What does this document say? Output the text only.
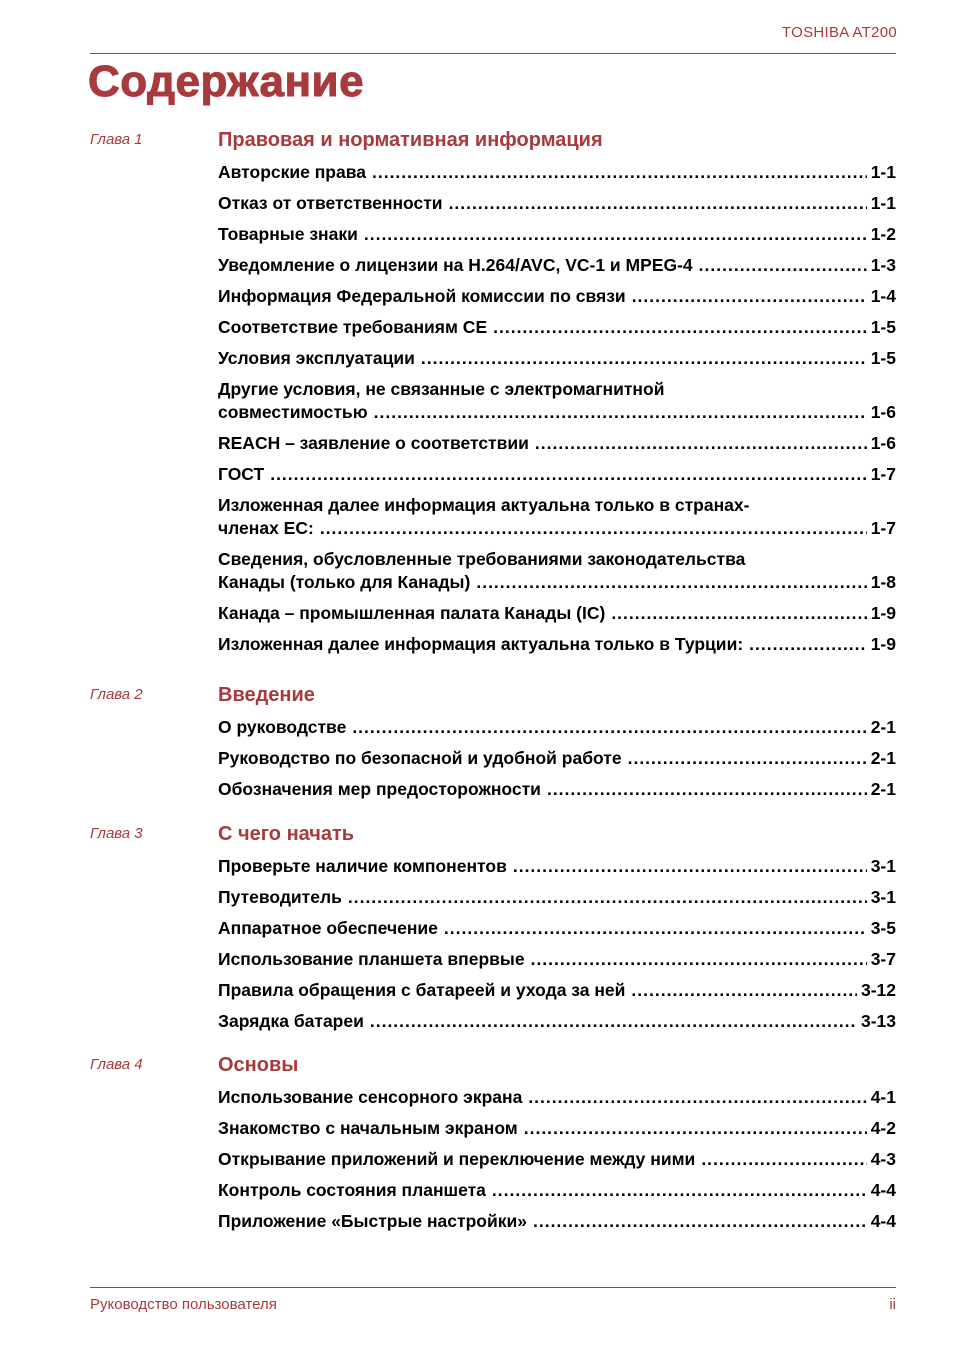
TOSHIBA AT200
Содержание
Глава 1	Правовая и нормативная информация
Авторские права .....	1-1
Отказ от ответственности .....	1-1
Товарные знаки .....	1-2
Уведомление о лицензии на H.264/AVC, VC-1 и MPEG-4 .....	1-3
Информация Федеральной комиссии по связи .....	1-4
Соответствие требованиям CE .....	1-5
Условия эксплуатации .....	1-5
Другие условия, не связанные с электромагнитной
совместимостью .....	1-6
REACH – заявление о соответствии .....	1-6
ГОСТ .....	1-7
Изложенная далее информация актуальна только в странах-
членах ЕС: .....	1-7
Сведения, обусловленные требованиями законодательства
Канады (только для Канады) .....	1-8
Канада – промышленная палата Канады (IC) .....	1-9
Изложенная далее информация актуальна только в Турции: .....	1-9
Глава 2	Введение
О руководстве .....	2-1
Руководство по безопасной и удобной работе .....	2-1
Обозначения мер предосторожности .....	2-1
Глава 3	С чего начать
Проверьте наличие компонентов .....	3-1
Путеводитель .....	3-1
Аппаратное обеспечение .....	3-5
Использование планшета впервые .....	3-7
Правила обращения с батареей и ухода за ней .....	3-12
Зарядка батареи .....	3-13
Глава 4	Основы
Использование сенсорного экрана .....	4-1
Знакомство с начальным экраном .....	4-2
Открывание приложений и переключение между ними .....	4-3
Контроль состояния планшета .....	4-4
Приложение «Быстрые настройки» .....	4-4
Руководство пользователя	ii
